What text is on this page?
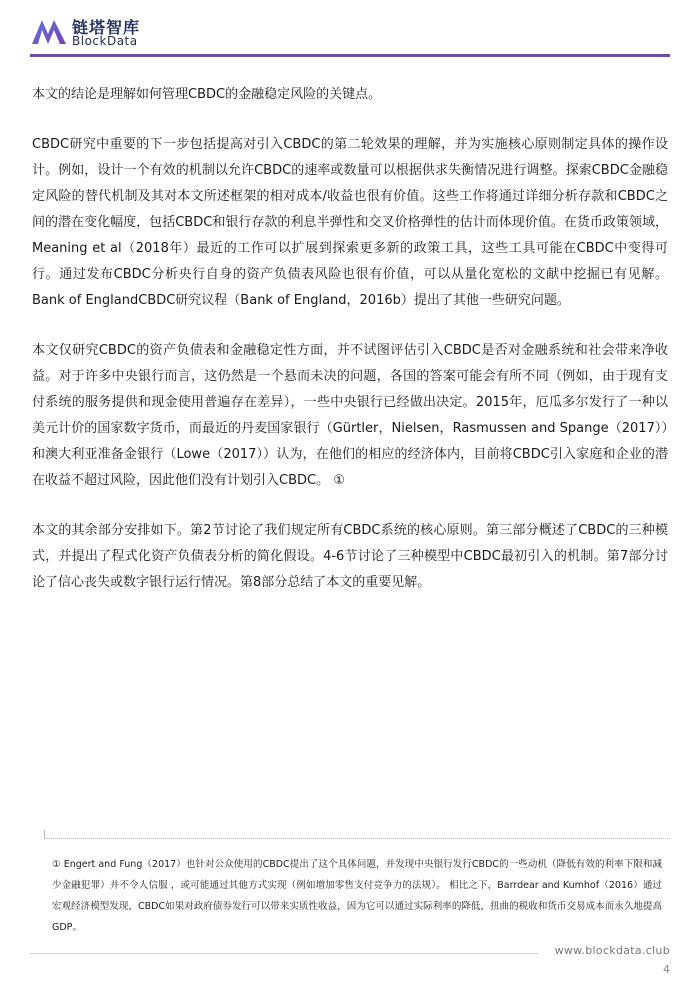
链塔智库
BlockData

本文的结论是理解如何管理CBDC的金融稳定风险的关键点。

CBDC研究中重要的下一步包括提高对引入CBDC的第二轮效果的理解，并为实施核心原则制定具体的操作设计。例如，设计一个有效的机制以允许CBDC的速率或数量可以根据供求失衡情况进行调整。探索CBDC金融稳定风险的替代机制及其对本文所述框架的相对成本/收益也很有价值。这些工作将通过详细分析存款和CBDC之间的潜在变化幅度，包括CBDC和银行存款的利息半弹性和交叉价格弹性的估计而体现价值。在货币政策领域，Meaning et al（2018年）最近的工作可以扩展到探索更多新的政策工具，这些工具可能在CBDC中变得可行。通过发布CBDC分析央行自身的资产负债表风险也很有价值，可以从量化宽松的文献中挖掘已有见解。Bank of EnglandCBDC研究议程（Bank of England，2016b）提出了其他一些研究问题。

本文仅研究CBDC的资产负债表和金融稳定性方面，并不试图评估引入CBDC是否对金融系统和社会带来净收益。对于许多中央银行而言，这仍然是一个悬而未决的问题，各国的答案可能会有所不同（例如，由于现有支付系统的服务提供和现金使用普遍存在差异），一些中央银行已经做出决定。2015年，厄瓜多尔发行了一种以美元计价的国家数字货币，而最近的丹麦国家银行（Gürtler，Nielsen，Rasmussen and Spange（2017））和澳大利亚准备金银行（Lowe（2017））认为，在他们的相应的经济体内，目前将CBDC引入家庭和企业的潜在收益不超过风险，因此他们没有计划引入CBDC。 ①

本文的其余部分安排如下。第2节讨论了我们规定所有CBDC系统的核心原则。第三部分概述了CBDC的三种模式，并提出了程式化资产负债表分析的简化假设。4-6节讨论了三种模型中CBDC最初引入的机制。第7部分讨论了信心丧失或数字银行运行情况。第8部分总结了本文的重要见解。

① Engert and Fung（2017）也针对公众使用的CBDC提出了这个具体问题，并发现中央银行发行CBDC的一些动机（降低有效的利率下限和减少金融犯罪）并不令人信服 ，或可能通过其他方式实现（例如增加零售支付竞争力的法规）。 相比之下，Barrdear and Kumhof（2016）通过宏观经济模型发现，CBDC如果对政府债券发行可以带来实质性收益，因为它可以通过实际利率的降低，扭曲的税收和货币交易成本而永久地提高GDP。
www.blockdata.club
4
